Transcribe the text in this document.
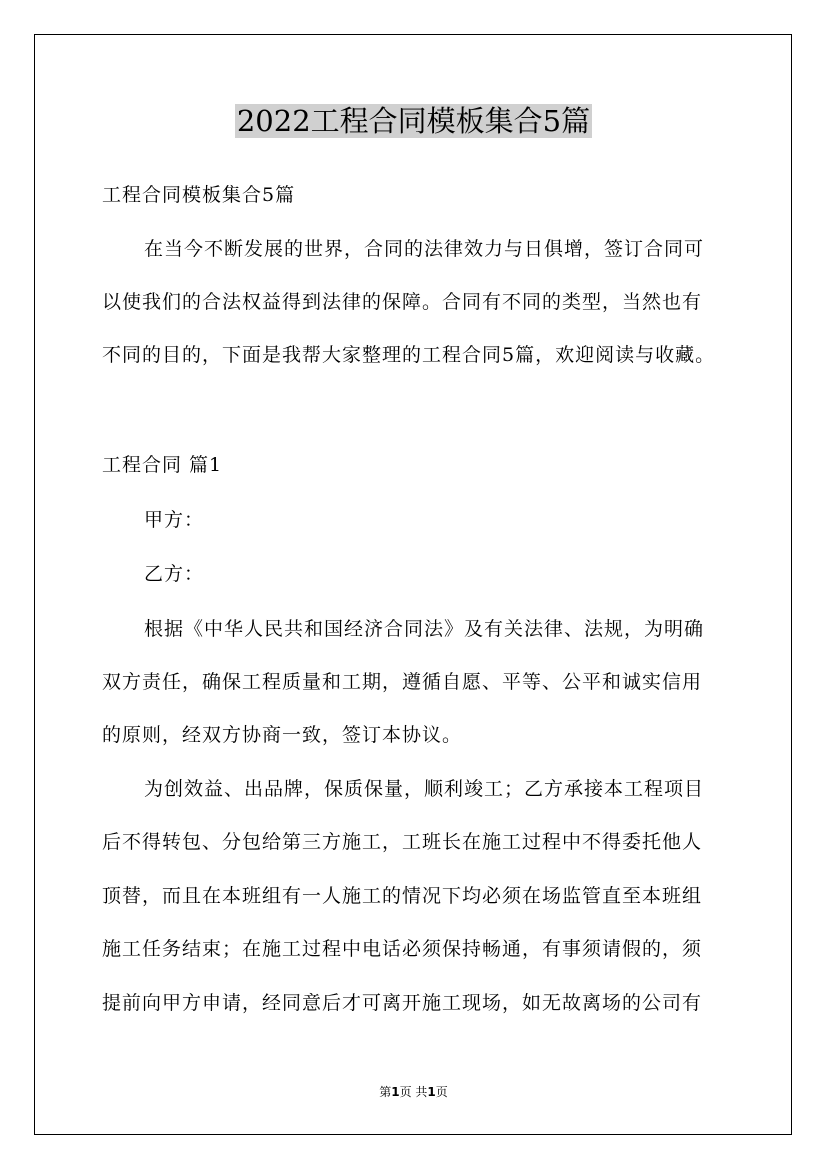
2022工程合同模板集合5篇
工程合同模板集合5篇
在当今不断发展的世界，合同的法律效力与日俱增，签订合同可
以使我们的合法权益得到法律的保障。合同有不同的类型，当然也有
不同的目的，下面是我帮大家整理的工程合同5篇，欢迎阅读与收藏。
工程合同 篇1
甲方：
乙方：
根据《中华人民共和国经济合同法》及有关法律、法规，为明确
双方责任，确保工程质量和工期，遵循自愿、平等、公平和诚实信用
的原则，经双方协商一致，签订本协议。
为创效益、出品牌，保质保量，顺利竣工；乙方承接本工程项目
后不得转包、分包给第三方施工，工班长在施工过程中不得委托他人
顶替，而且在本班组有一人施工的情况下均必须在场监管直至本班组
施工任务结束；在施工过程中电话必须保持畅通，有事须请假的，须
提前向甲方申请，经同意后才可离开施工现场，如无故离场的公司有
第1页 共1页
